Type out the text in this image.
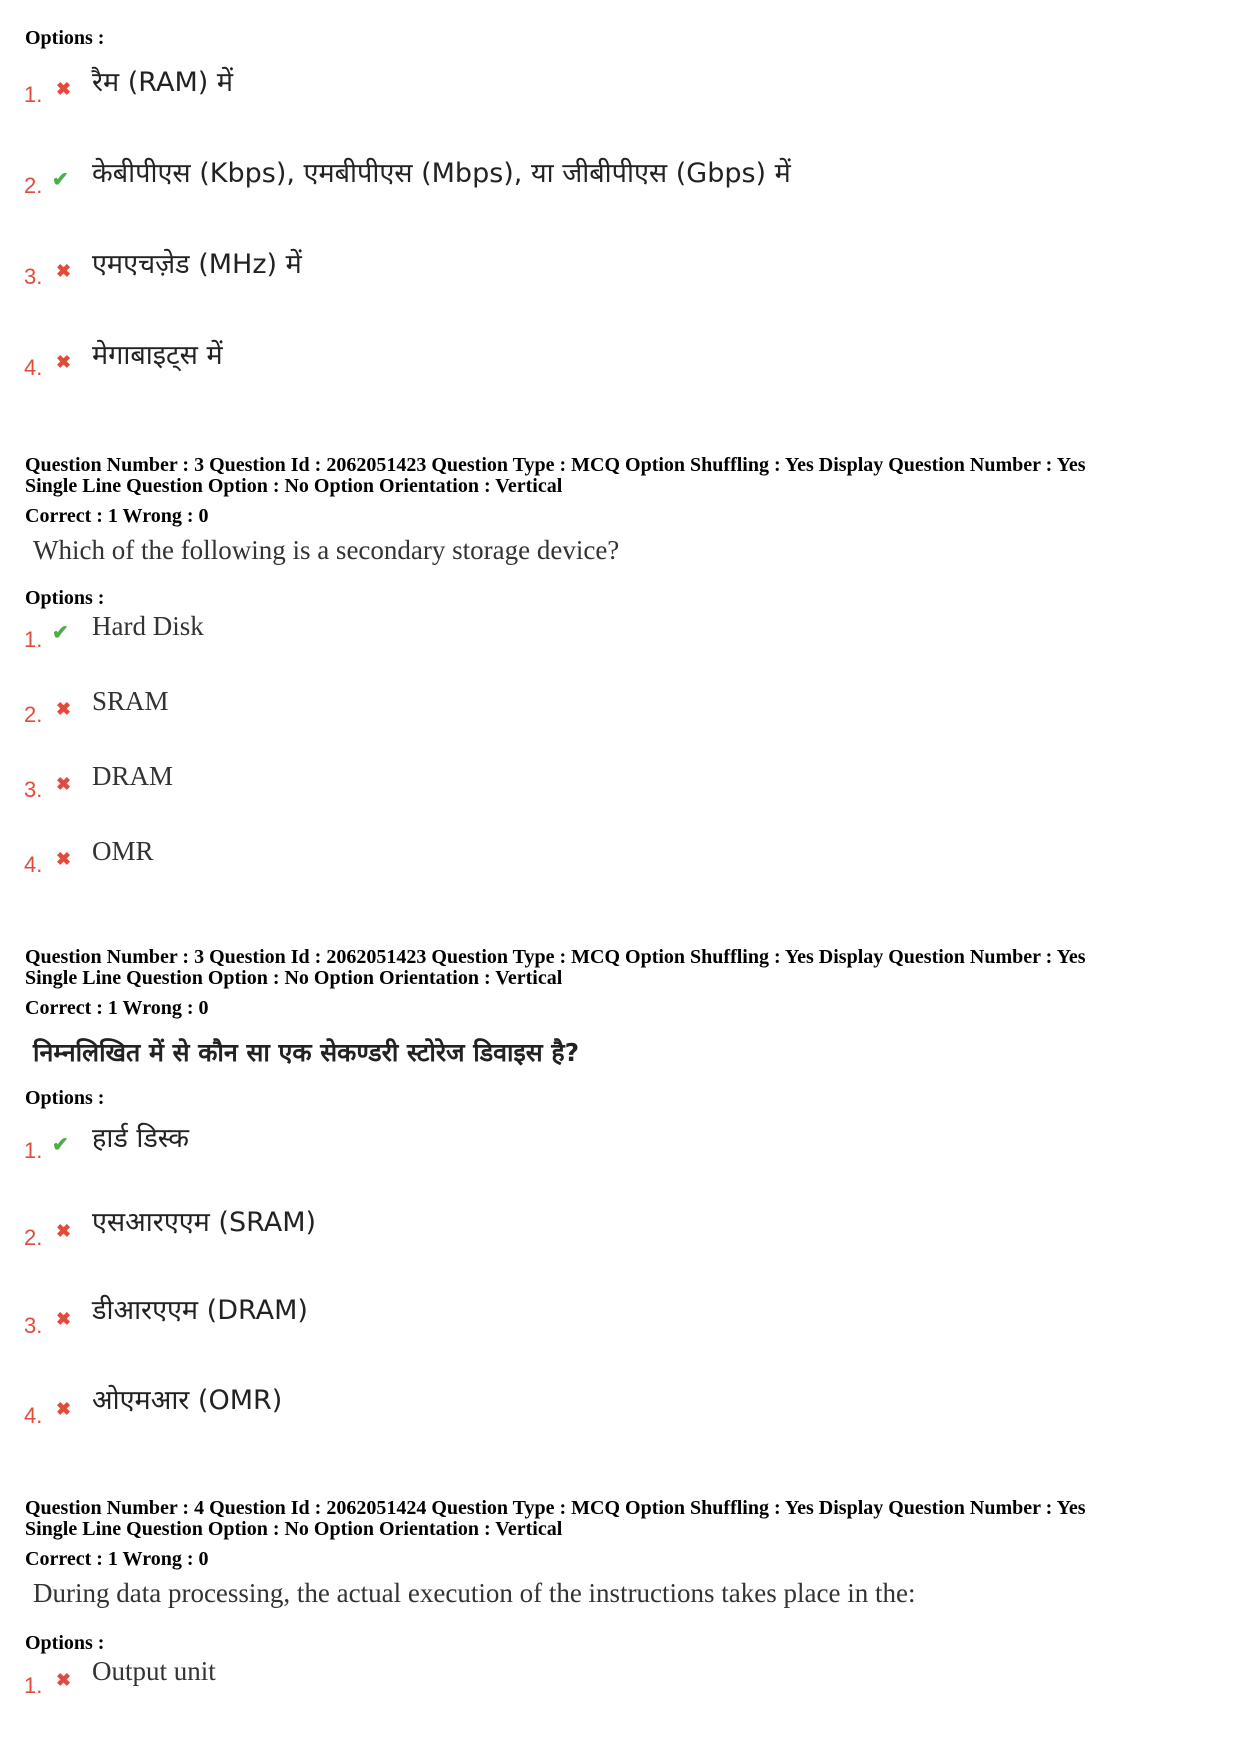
Options :
1. ✖ रैम (RAM) में
2. ✔ केबीपीएस (Kbps), एमबीपीएस (Mbps), या जीबीपीएस (Gbps) में
3. ✖ एमएचज़ेड (MHz) में
4. ✖ मेगाबाइट्स में
Question Number : 3 Question Id : 2062051423 Question Type : MCQ Option Shuffling : Yes Display Question Number : Yes
Single Line Question Option : No Option Orientation : Vertical
Correct : 1 Wrong : 0
Which of the following is a secondary storage device?
Options :
1. ✔ Hard Disk
2. ✖ SRAM
3. ✖ DRAM
4. ✖ OMR
Question Number : 3 Question Id : 2062051423 Question Type : MCQ Option Shuffling : Yes Display Question Number : Yes
Single Line Question Option : No Option Orientation : Vertical
Correct : 1 Wrong : 0
निम्नलिखित में से कौन सा एक सेकण्डरी स्टोरेज डिवाइस है?
Options :
1. ✔ हार्ड डिस्क
2. ✖ एसआरएएम (SRAM)
3. ✖ डीआरएएम (DRAM)
4. ✖ ओएमआर (OMR)
Question Number : 4 Question Id : 2062051424 Question Type : MCQ Option Shuffling : Yes Display Question Number : Yes
Single Line Question Option : No Option Orientation : Vertical
Correct : 1 Wrong : 0
During data processing, the actual execution of the instructions takes place in the:
Options :
1. ✖ Output unit
